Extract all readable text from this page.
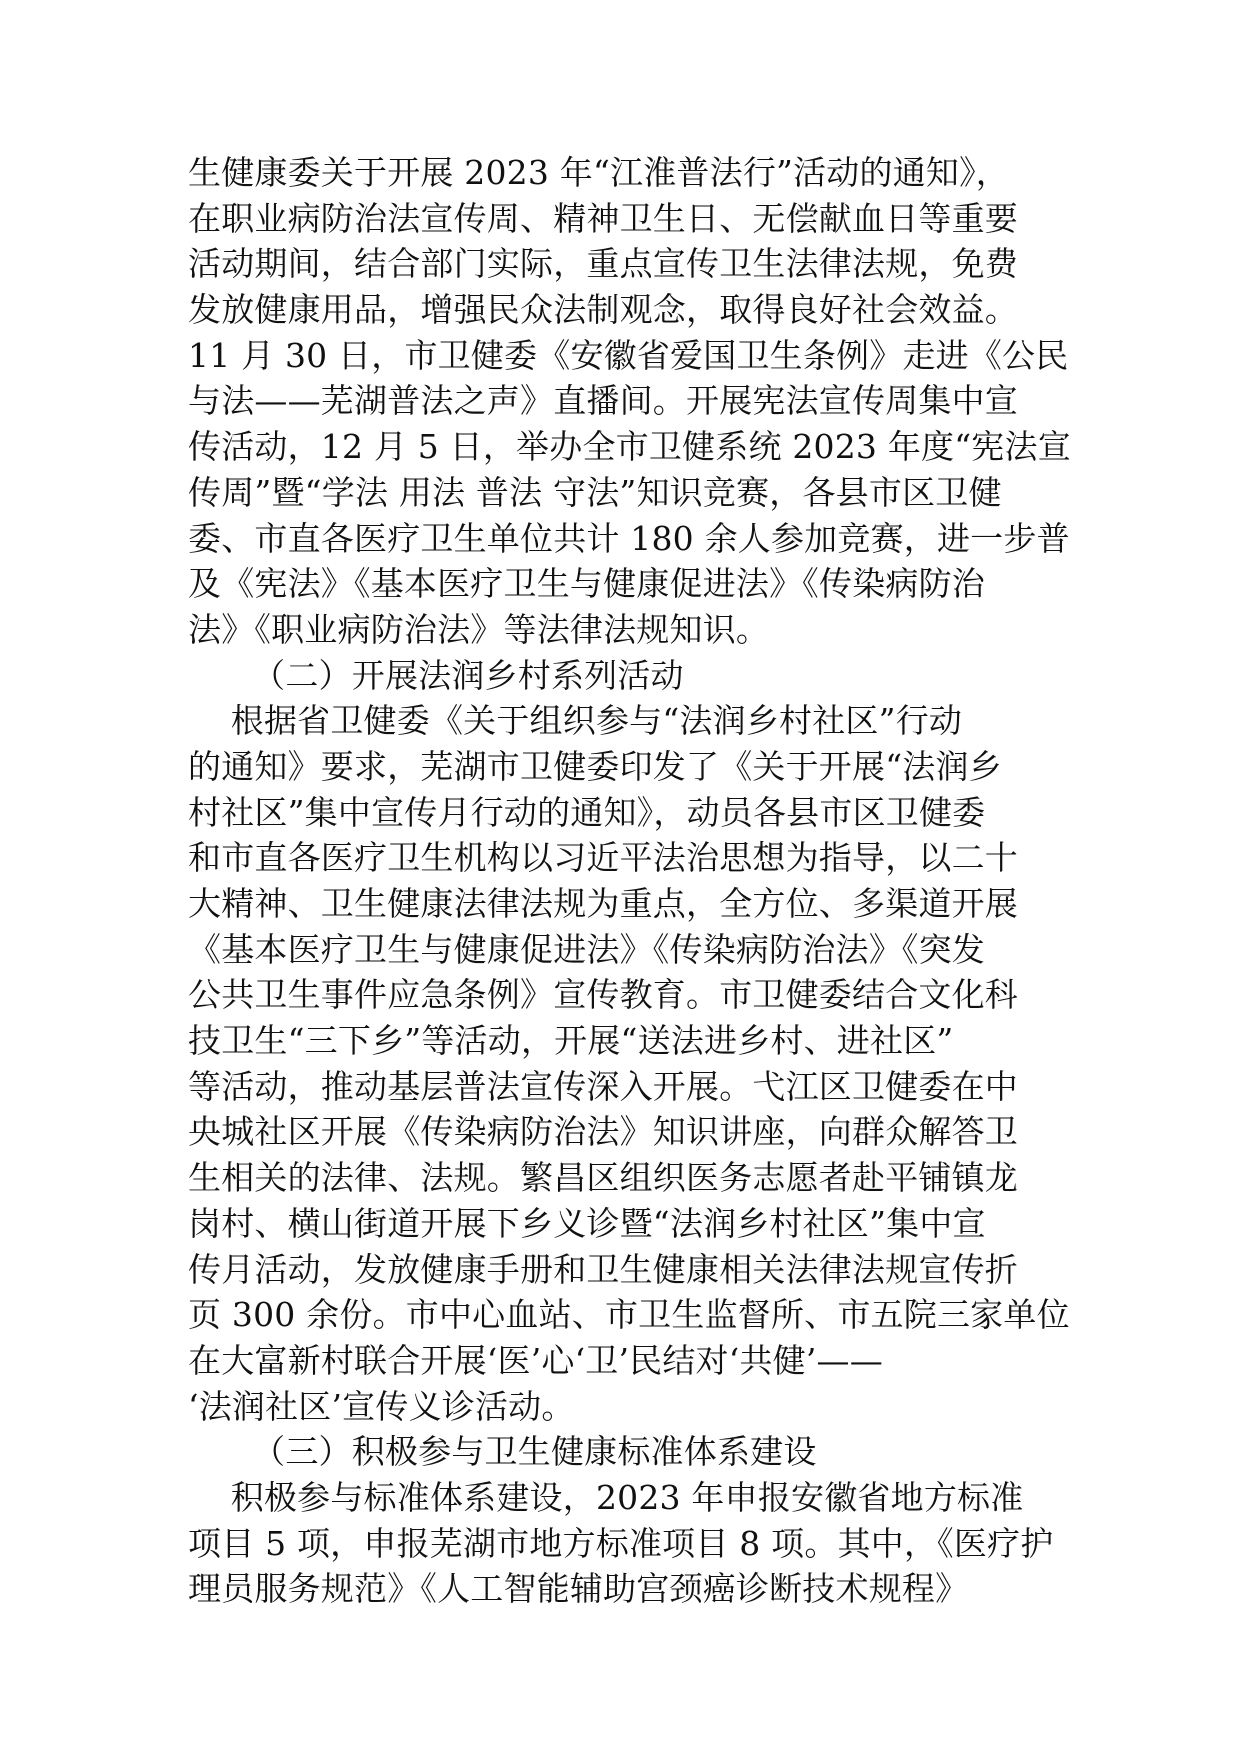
生健康委关于开展 2023 年“江淮普法行”活动的通知》，
在职业病防治法宣传周、精神卫生日、无偿献血日等重要
活动期间，结合部门实际，重点宣传卫生法律法规，免费
发放健康用品，增强民众法制观念，取得良好社会效益。
11 月 30 日，市卫健委《安徽省爱国卫生条例》走进《公民
与法——芜湖普法之声》直播间。开展宪法宣传周集中宣
传活动，12 月 5 日，举办全市卫健系统 2023 年度“宪法宣
传周”暨“学法 用法 普法 守法”知识竞赛，各县市区卫健
委、市直各医疗卫生单位共计 180 余人参加竞赛，进一步普
及《宪法》《基本医疗卫生与健康促进法》《传染病防治
法》《职业病防治法》等法律法规知识。
（二）开展法润乡村系列活动
根据省卫健委《关于组织参与“法润乡村社区”行动
的通知》要求，芜湖市卫健委印发了《关于开展“法润乡
村社区”集中宣传月行动的通知》，动员各县市区卫健委
和市直各医疗卫生机构以习近平法治思想为指导，以二十
大精神、卫生健康法律法规为重点，全方位、多渠道开展
《基本医疗卫生与健康促进法》《传染病防治法》《突发
公共卫生事件应急条例》宣传教育。市卫健委结合文化科
技卫生“三下乡”等活动，开展“送法进乡村、进社区”
等活动，推动基层普法宣传深入开展。弋江区卫健委在中
央城社区开展《传染病防治法》知识讲座，向群众解答卫
生相关的法律、法规。繁昌区组织医务志愿者赴平铺镇龙
岗村、横山街道开展下乡义诊暨“法润乡村社区”集中宣
传月活动，发放健康手册和卫生健康相关法律法规宣传折
页 300 余份。市中心血站、市卫生监督所、市五院三家单位
在大富新村联合开展‘医’心‘卫’民结对‘共健’——
‘法润社区’宣传义诊活动。
（三）积极参与卫生健康标准体系建设
积极参与标准体系建设，2023 年申报安徽省地方标准
项目 5 项，申报芜湖市地方标准项目 8 项。其中，《医疗护
理员服务规范》《人工智能辅助宫颈癌诊断技术规程》
